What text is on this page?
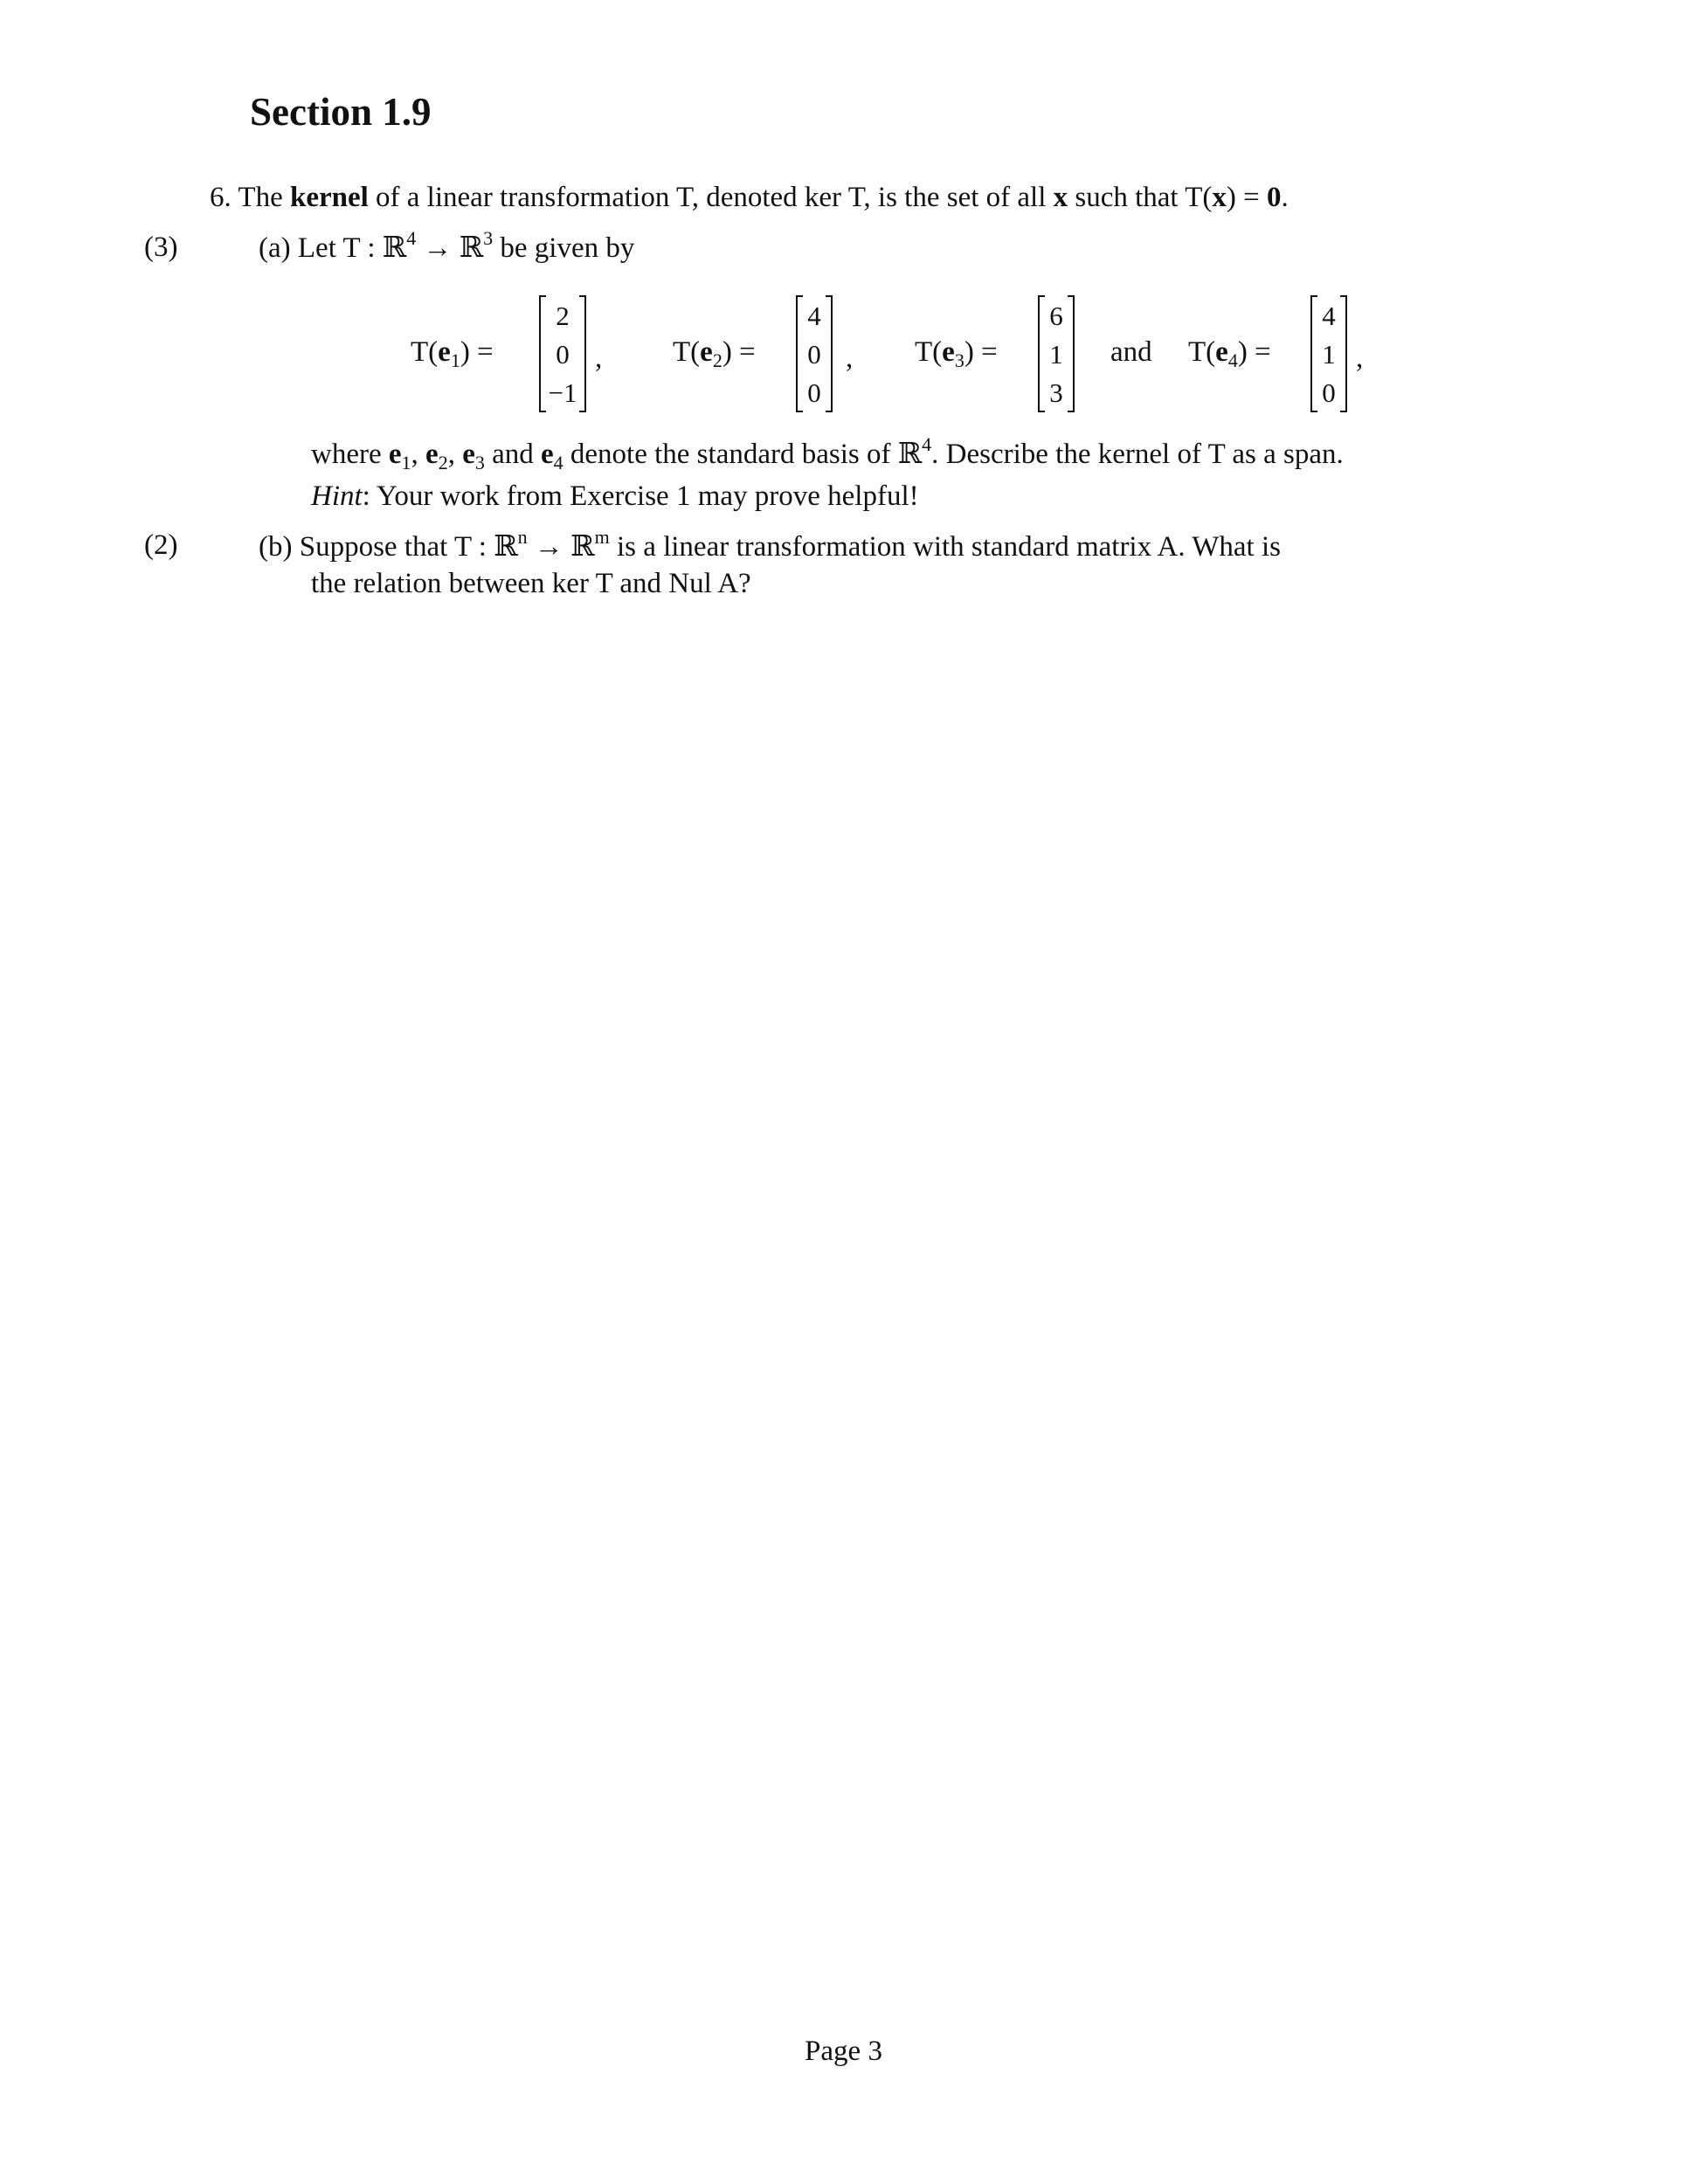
Section 1.9
6. The kernel of a linear transformation T, denoted ker T, is the set of all x such that T(x) = 0.
(3)	(a) Let T : ℝ$^4$ → ℝ$^3$ be given by
$T(e_1)$ =
2
0
−1
, $T(e_2)$ =
4
0
0
, $T(e_3)$ =
6
1
3
and $T(e_4)$ =
4
1
0
,
where $e_1$, $e_2$, $e_3$ and $e_4$ denote the standard basis of ℝ$^4$. Describe the kernel of T as a span.
Hint: Your work from Exercise 1 may prove helpful!
(2)	(b) Suppose that T : ℝ$^n$ → ℝ$^m$ is a linear transformation with standard matrix A. What is
the relation between ker T and Nul A?
Page 3
